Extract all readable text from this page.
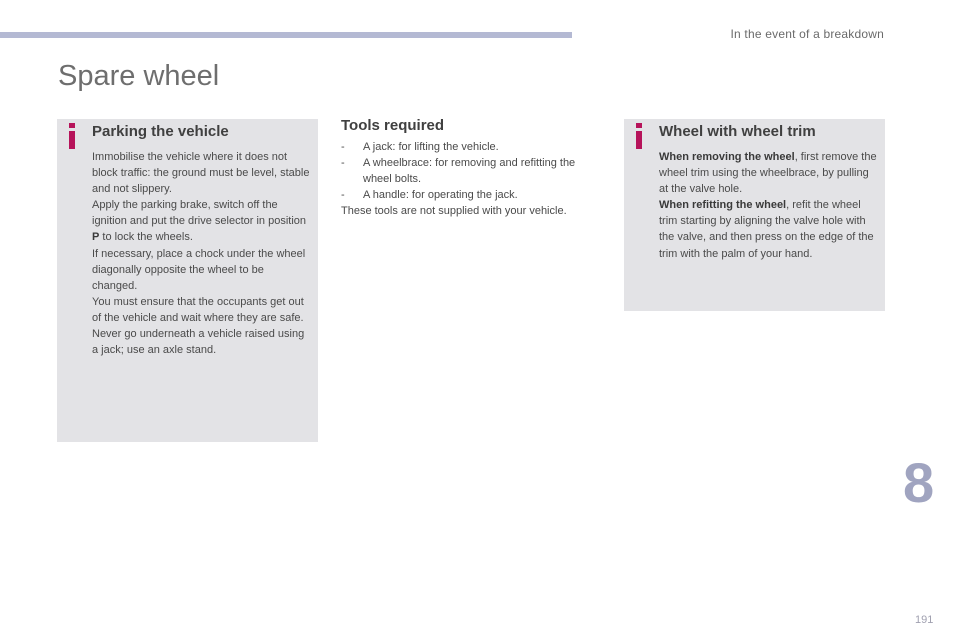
In the event of a breakdown
Spare wheel
Parking the vehicle

Immobilise the vehicle where it does not block traffic: the ground must be level, stable and not slippery.

Apply the parking brake, switch off the ignition and put the drive selector in position P to lock the wheels.

If necessary, place a chock under the wheel diagonally opposite the wheel to be changed.

You must ensure that the occupants get out of the vehicle and wait where they are safe.

Never go underneath a vehicle raised using a jack; use an axle stand.

Tools required
- A jack: for lifting the vehicle.
- A wheelbrace: for removing and refitting the wheel bolts.
- A handle: for operating the jack.

These tools are not supplied with your vehicle.

Wheel with wheel trim

When removing the wheel, first remove the wheel trim using the wheelbrace, by pulling at the valve hole.

When refitting the wheel, refit the wheel trim starting by aligning the valve hole with the valve, and then press on the edge of the trim with the palm of your hand.

8
191
